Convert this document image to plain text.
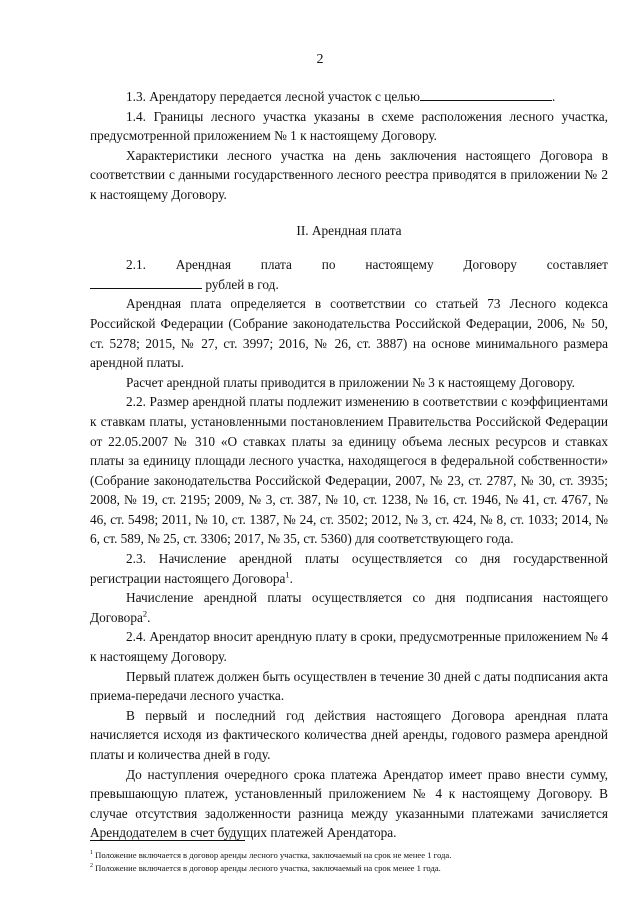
2

1.3. Арендатору передается лесной участок с целью	.

1.4. Границы лесного участка указаны в схеме расположения лесного участка, предусмотренной приложением № 1 к настоящему Договору.

Характеристики лесного участка на день заключения настоящего Договора в соответствии с данными государственного лесного реестра приводятся в приложении № 2 к настоящему Договору.

II. Арендная плата
2.1. Арендная плата по настоящему Договору составляет

рублей в год.

Арендная плата определяется в соответствии со статьей 73 Лесного кодекса Российской Федерации (Собрание законодательства Российской Федерации, 2006, № 50, ст. 5278; 2015, № 27, ст. 3997; 2016, № 26, ст. 3887) на основе минимального размера арендной платы.

Расчет арендной платы приводится в приложении № 3 к настоящему Договору.

2.2. Размер арендной платы подлежит изменению в соответствии с коэффициентами к ставкам платы, установленными постановлением Правительства Российской Федерации от 22.05.2007 № 310 «О ставках платы за единицу объема лесных ресурсов и ставках платы за единицу площади лесного участка, находящегося в федеральной собственности» (Собрание законодательства Российской Федерации, 2007, № 23, ст. 2787, № 30, ст. 3935; 2008, № 19, ст. 2195; 2009, № 3, ст. 387, № 10, ст. 1238, № 16, ст. 1946, № 41, ст. 4767, № 46, ст. 5498; 2011, № 10, ст. 1387, № 24, ст. 3502; 2012, № 3, ст. 424, № 8, ст. 1033; 2014, № 6, ст. 589, № 25, ст. 3306; 2017, № 35, ст. 5360) для соответствующего года.

2.3. Начисление арендной платы осуществляется со дня государственной регистрации настоящего Договора$^1$.

Начисление арендной платы осуществляется со дня подписания настоящего Договора$^2$.

2.4. Арендатор вносит арендную плату в сроки, предусмотренные приложением № 4 к настоящему Договору.

Первый платеж должен быть осуществлен в течение 30 дней с даты подписания акта приема-передачи лесного участка.

В первый и последний год действия настоящего Договора арендная плата начисляется исходя из фактического количества дней аренды, годового размера арендной платы и количества дней в году.

До наступления очередного срока платежа Арендатор имеет право внести сумму, превышающую платеж, установленный приложением № 4 к настоящему Договору. В случае отсутствия задолженности разница между указанными платежами зачисляется Арендодателем в счет будущих платежей Арендатора.

$^1$ Положение включается в договор аренды лесного участка, заключаемый на срок не менее 1 года.
$^2$ Положение включается в договор аренды лесного участка, заключаемый на срок менее 1 года.
